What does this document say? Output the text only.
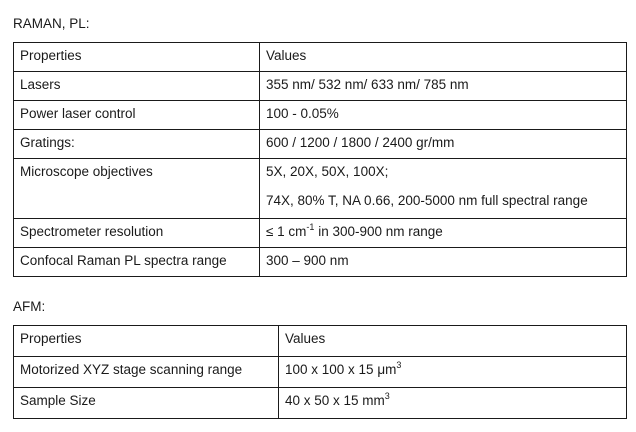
RAMAN, PL:
Properties	Values
Lasers	355 nm/ 532 nm/ 633 nm/ 785 nm
Power laser control	100 - 0.05%
Gratings:	600 / 1200 / 1800 / 2400 gr/mm
Microscope objectives	5X, 20X, 50X, 100X;
74X, 80% T, NA 0.66, 200-5000 nm full spectral range

Spectrometer resolution	≤ 1 $cm^{-1}$ in 300-900 nm range

Confocal Raman PL spectra range	300 – 900 nm
AFM:
Properties	Values
Motorized XYZ stage scanning range	100 x 100 x 15 $\mu m^3$

Sample Size	40 x 50 x 15 $mm^3$
